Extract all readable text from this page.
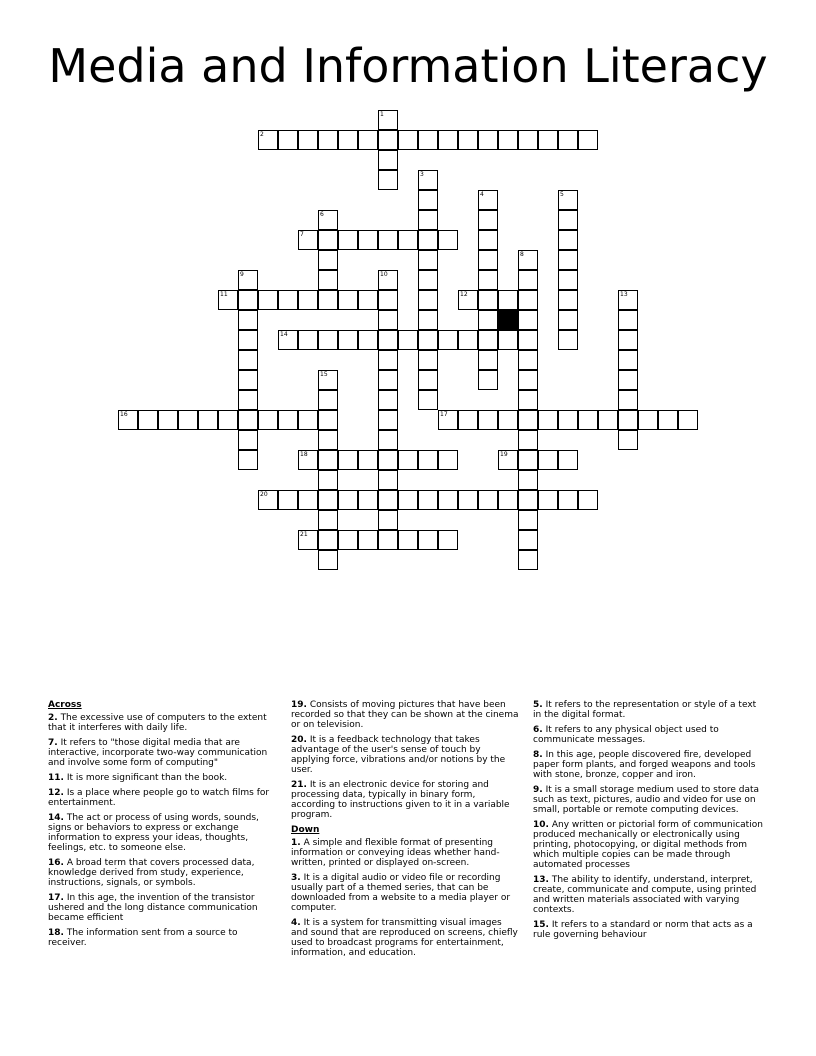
Media and Information Literacy
2
7
11	12
14
16	17
18	19
20
21
1
3
4	5
6
8
9	10
13
15
Across
2. The excessive use of computers to the extent that it interferes with daily life.
7. It refers to "those digital media that are interactive, incorporate two-way communication and involve some form of computing"
11. It is more significant than the book.
12. Is a place where people go to watch films for entertainment.
14. The act or process of using words, sounds, signs or behaviors to express or exchange information to express your ideas, thoughts, feelings, etc. to someone else.
16. A broad term that covers processed data, knowledge derived from study, experience, instructions, signals, or symbols.
17. In this age, the invention of the transistor ushered and the long distance communication became efficient
18. The information sent from a source to receiver.
19. Consists of moving pictures that have been recorded so that they can be shown at the cinema or on television.
20. It is a feedback technology that takes advantage of the user's sense of touch by applying force, vibrations and/or notions by the user.
21. It is an electronic device for storing and processing data, typically in binary form, according to instructions given to it in a variable program.
Down
1. A simple and flexible format of presenting information or conveying ideas whether hand-written, printed or displayed on-screen.
3. It is a digital audio or video file or recording usually part of a themed series, that can be downloaded from a website to a media player or computer.
4. It is a system for transmitting visual images and sound that are reproduced on screens, chiefly used to broadcast programs for entertainment, information, and education.
5. It refers to the representation or style of a text in the digital format.
6. It refers to any physical object used to communicate messages.
8. In this age, people discovered fire, developed paper form plants, and forged weapons and tools with stone, bronze, copper and iron.
9. It is a small storage medium used to store data such as text, pictures, audio and video for use on small, portable or remote computing devices.
10. Any written or pictorial form of communication produced mechanically or electronically using printing, photocopying, or digital methods from which multiple copies can be made through automated processes
13. The ability to identify, understand, interpret, create, communicate and compute, using printed and written materials associated with varying contexts.
15. It refers to a standard or norm that acts as a rule governing behaviour
